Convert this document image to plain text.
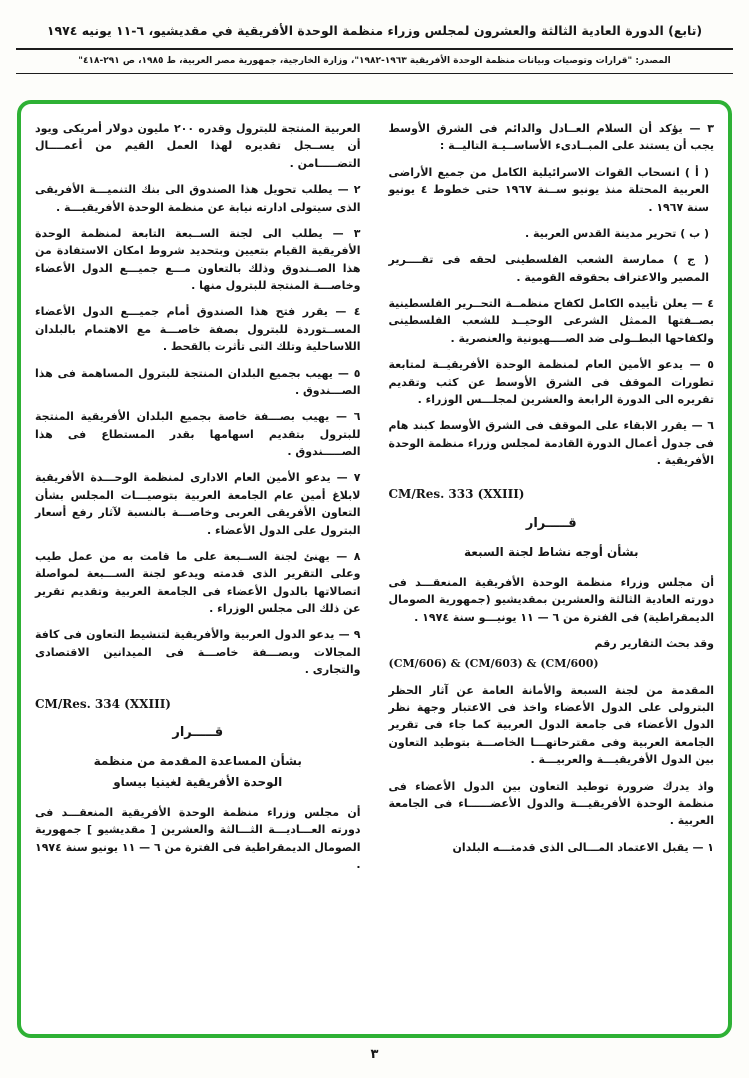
(تابع) الدورة العادية الثالثة والعشرون لمجلس وزراء منظمة الوحدة الأفريقية في مقديشيو، ٦-١١ يونيه ١٩٧٤
المصدر: "قرارات وتوصيات وبيانات منظمة الوحدة الأفريقية ١٩٦٣-١٩٨٢"، وزارة الخارجية، جمهورية مصر العربية، ط ١٩٨٥، ص ٢٩١-٤١٨"

٣ — يؤكد أن السلام العــادل والدائم فى الشرق الأوسط يجب أن يستند على المبــادىء الأساســيـة التاليــة :

( أ ) انسحاب القوات الاسرائيلية الكامل من جميع الأراضى العربية المحتلة منذ يونيو ســنة ١٩٦٧ حتى خطوط ٤ يونيو سنة ١٩٦٧ .

( ب ) تحرير مدينة القدس العربية .

( ج ) ممارسة الشعب الفلسطينى لحقه فى تقــــرير المصير والاعتراف بحقوقه القومية .

٤ — يعلن تأييده الكامل لكفاح منظمــة التحــرير الفلسطينية بصــفتها الممثل الشرعى الوحيــد للشعب الفلسطينى ولكفاحها البطــولى ضد الصــــهيونية والعنصرية .

٥ — يدعو الأمين العام لمنظمة الوحدة الأفريقيــة لمتابعة تطورات الموقف فى الشرق الأوسط عن كثب وتقديم تقريره الى الدورة الرابعة والعشرين لمجلـــس الوزراء .

٦ — يقرر الابقاء على الموقف فى الشرق الأوسط كبند هام فى جدول أعمال الدورة القادمة لمجلس وزراء منظمة الوحدة الأفريقية .

CM/Res. 333 (XXIII)

قـــــرار

بشأن أوجه نشاط لجنة السبعة

أن مجلس وزراء منظمة الوحدة الأفريقية المنعقـــد فى دورته العادية الثالثة والعشرين بمقديشيو (جمهورية الصومال الديمقراطية) فى الفترة من ٦ — ١١ يونيـــو سنة ١٩٧٤ .

وقد بحث التقارير رقم

(CM/606) & (CM/603) & (CM/600)

المقدمة من لجنة السبعة والأمانة العامة عن آثار الحظر البترولى على الدول الأعضاء واخذ فى الاعتبار وجهة نظر الدول الأعضاء فى جامعة الدول العربية كما جاء فى تقرير الجامعة العربية وفى مقترحاتهـــا الخاصـــة بتوطيد التعاون بين الدول الأفريقيـــة والعربيـــة .

واذ يدرك ضرورة توطيد التعاون بين الدول الأعضاء فى منظمة الوحدة الأفريقيـــة والدول الأعضــــــاء فى الجامعة العربية .

١ — يقبل الاعتماد المـــالى الذى قدمتـــه البلدان

العربية المنتجة للبترول وقدره ٢٠٠ مليون دولار أمريكى ويود أن يســجل تقديره لهذا العمل القيم من أعمــــال التضـــــامن .

٢ — يطلب تحويل هذا الصندوق الى بنك التنميـــة الأفريقى الذى سيتولى ادارته نيابة عن منظمة الوحدة الأفريقيـــة .

٣ — يطلب الى لجنة الســبعة التابعة لمنظمة الوحدة الأفريقية القيام بتعيين وبتحديد شروط امكان الاستفادة من هذا الصــندوق وذلك بالتعاون مـــع جميـــع الدول الأعضاء وخاصـــة المنتجة للبترول منها .

٤ — يقرر فتح هذا الصندوق أمام جميـــع الدول الأعضاء المســتوردة للبترول بصفة خاصـــة مع الاهتمام بالبلدان اللاساحلية وتلك التى تأثرت بالقحط .

٥ — يهيب بجميع البلدان المنتجة للبترول المساهمة فى هذا الصـــندوق .

٦ — يهيب بصـــفة خاصة بجميع البلدان الأفريقية المنتجة للبترول بتقديم اسهامها بقدر المستطاع فى هذا الصـــــندوق .

٧ — يدعو الأمين العام الادارى لمنظمة الوحـــدة الأفريقية لابلاغ أمين عام الجامعة العربية بتوصيـــات المجلس بشأن التعاون الأفريقى العربى وخاصـــة بالنسبة لآثار رفع أسعار البترول على الدول الأعضاء .

٨ — يهنئ لجنة الســبعة على ما قامت به من عمل طيب وعلى التقرير الذى قدمته ويدعو لجنة الســـبعة لمواصلة اتصالاتها بالدول الأعضاء فى الجامعة العربية وتقديم تقرير عن ذلك الى مجلس الوزراء .

٩ — يدعو الدول العربية والأفريقية لتنشيط التعاون فى كافة المجالات وبصـــفة خاصـــة فى الميدانين الاقتصادى والتجارى .

CM/Res. 334 (XXIII)

قـــــرار

بشأن المساعدة المقدمة من منظمة

الوحدة الأفريقية لغينيا بيساو

أن مجلس وزراء منظمة الوحدة الأفريقية المنعقـــد فى دورته العـــاديـــة الثـــالثة والعشرين [ مقديشيو ] جمهورية الصومال الديمقراطية فى الفترة من ٦ — ١١ يونيو سنة ١٩٧٤ .

٣
